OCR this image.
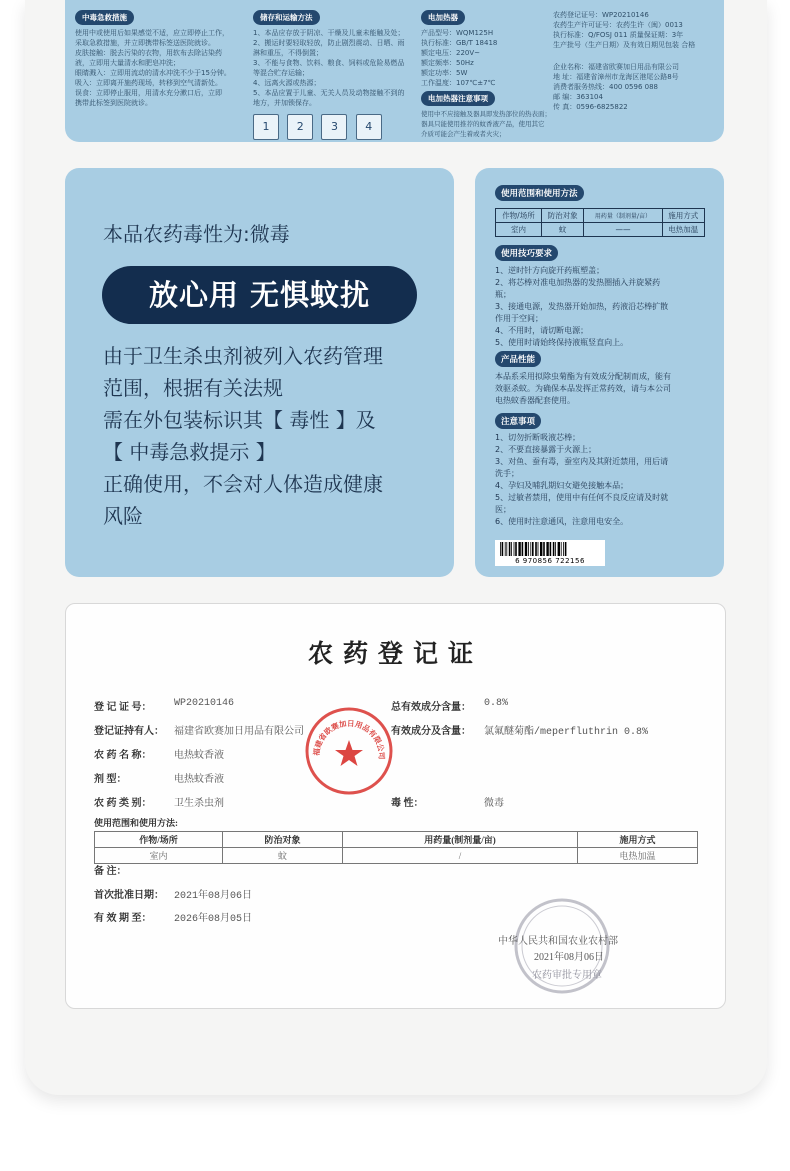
中毒急救措施
使用中或使用后如果感觉不适，应立即停止工作，
采取急救措施，并立即携带标签送医院就诊。
皮肤接触：脱去污染的衣物，用软布去除沾染药
液，立即用大量清水和肥皂冲洗；
眼睛溅入：立即用流动的清水冲洗不少于15分钟。
吸入：立即离开施药现场，转移到空气清新处。
误食：立即停止服用，用清水充分漱口后，立即
携带此标签到医院就诊。
储存和运输方法
1、本品应存放于阴凉、干燥及儿童未能触及处；
2、搬运时要轻取轻放，防止剧烈震动、日晒、雨
淋和重压，不得倒置；
3、不能与食物、饮料、粮食、饲料或危险易燃品
等混合贮存运输；
4、远离火源或热源；
5、本品应置于儿童、无关人员及动物接触不到的
地方，并加锁保存。
1 2 3 4
电加热器
产品型号：WQM125H
执行标准：GB/T 18418
额定电压：220V~
额定频率：50Hz
额定功率：5W
工作温度：107℃±7℃
电加热器注意事项
使用中不应接触及器具即发热部位的热表面；
器具只能使用推荐的蚊香液产品，使用其它
介质可能会产生着或者火灾；
农药登记证号：WP20210146
农药生产许可证号：农药生许（闽）0013
执行标准：Q/FOSJ 011 质量保证期：3年
生产批号（生产日期）及有效日期见包装 合格
企业名称：福建省欧赛加日用品有限公司
地 址：福建省漳州市龙海区港尾公路8号
消费者服务热线：400 0596 088
邮 编：363104
传 真：0596-6825822
本品农药毒性为:微毒
放心用 无惧蚊扰
由于卫生杀虫剂被列入农药管理
范围，根据有关法规
需在外包装标识其【 毒性 】及
【 中毒急救提示 】
正确使用，不会对人体造成健康
风险
使用范围和使用方法
作物/场所	防治对象	用药量（制剂量/亩）	施用方式
室内	蚊	——	电热加温
使用技巧要求
1、逆时针方向旋开药瓶塑盖；
2、将芯棒对准电加热器的发热圈插入并旋紧药
瓶；
3、接通电源，发热器开始加热，药液沿芯棒扩散
作用于空间；
4、不用时，请切断电源；
5、使用时请始终保持液瓶竖直向上。
产品性能
本品系采用拟除虫菊酯为有效成分配制而成，能有
效驱杀蚊。为确保本品发挥正常药效，请与本公司
电热蚊香器配套使用。
注意事项
1、切勿折断吸液芯棒；
2、不要直接暴露于火源上；
3、对鱼、蚕有毒，蚕室内及其附近禁用，用后请
洗手；
4、孕妇及哺乳期妇女避免接触本品；
5、过敏者禁用，使用中有任何不良反应请及时就
医；
6、使用时注意通风，注意用电安全。
6 970856 722156
农药登记证
登 记 证 号： WP20210146	总有效成分含量： 0.8%
登记证持有人： 福建省欧赛加日用品有限公司	有效成分及含量： 氯氟醚菊酯/meperfluthrin 0.8%
农 药 名 称： 电热蚊香液
剂 型：	电热蚊香液
农 药 类 别： 卫生杀虫剂	毒 性：	微毒
使用范围和使用方法:
作物/场所	防治对象	用药量(制剂量/亩)	施用方式
室内	蚊	/	电热加温
备 注：
首次批准日期： 2021年08月06日
有 效 期 至： 2026年08月05日
福建省欧赛加日用品有限公司
中华人民共和国农业农村部
2021年08月06日
农药审批专用章
